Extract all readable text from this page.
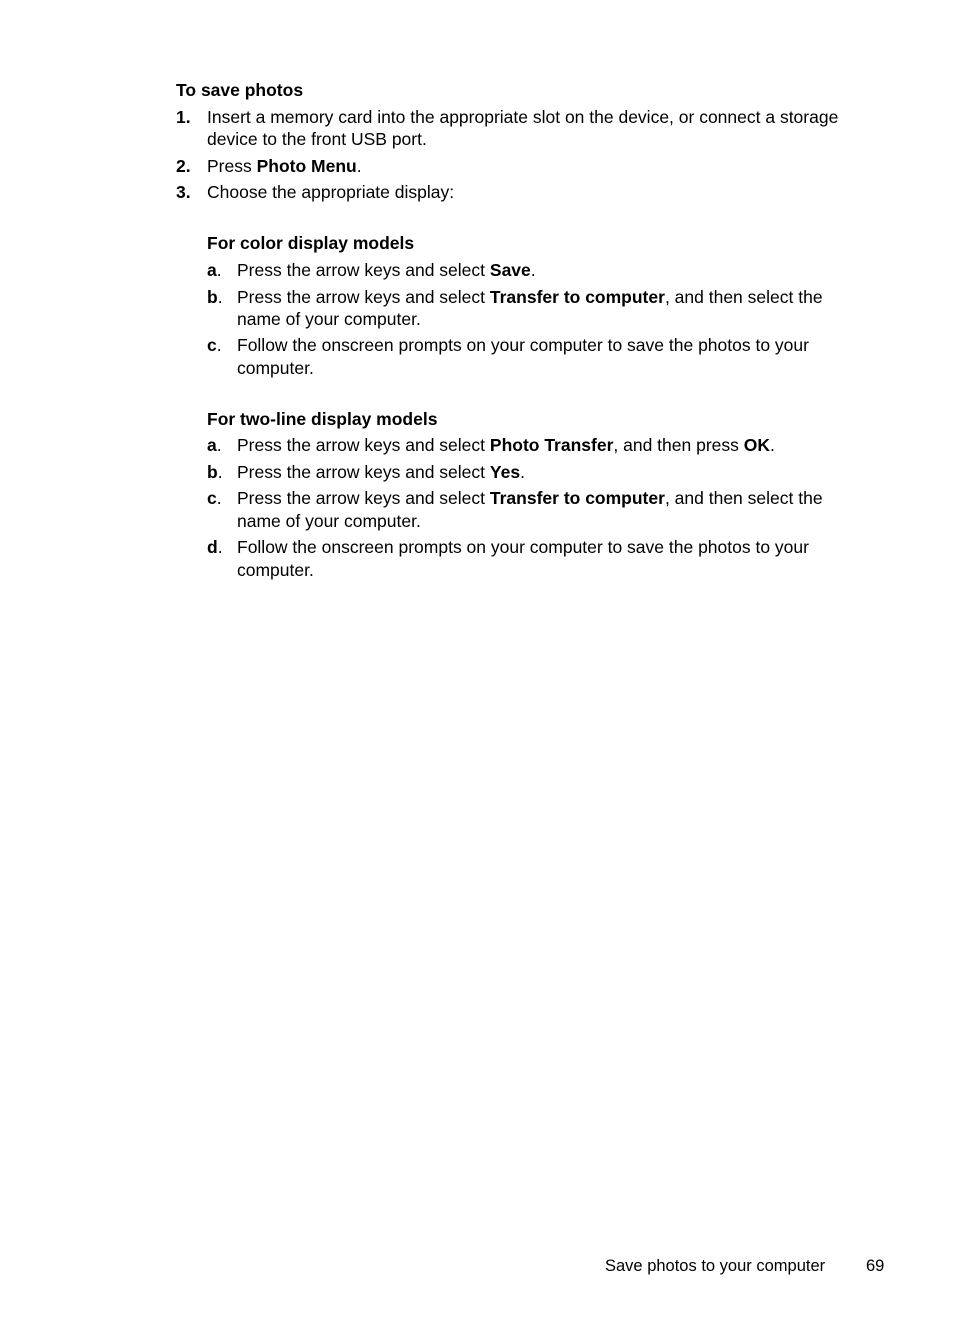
To save photos
1. Insert a memory card into the appropriate slot on the device, or connect a storage
device to the front USB port.
2. Press Photo Menu.
3. Choose the appropriate display:
For color display models
a. Press the arrow keys and select Save.
b. Press the arrow keys and select Transfer to computer, and then select the
name of your computer.
c. Follow the onscreen prompts on your computer to save the photos to your
computer.
For two-line display models
a. Press the arrow keys and select Photo Transfer, and then press OK.
b. Press the arrow keys and select Yes.
c. Press the arrow keys and select Transfer to computer, and then select the
name of your computer.
d. Follow the onscreen prompts on your computer to save the photos to your
computer.
Save photos to your computer 69
